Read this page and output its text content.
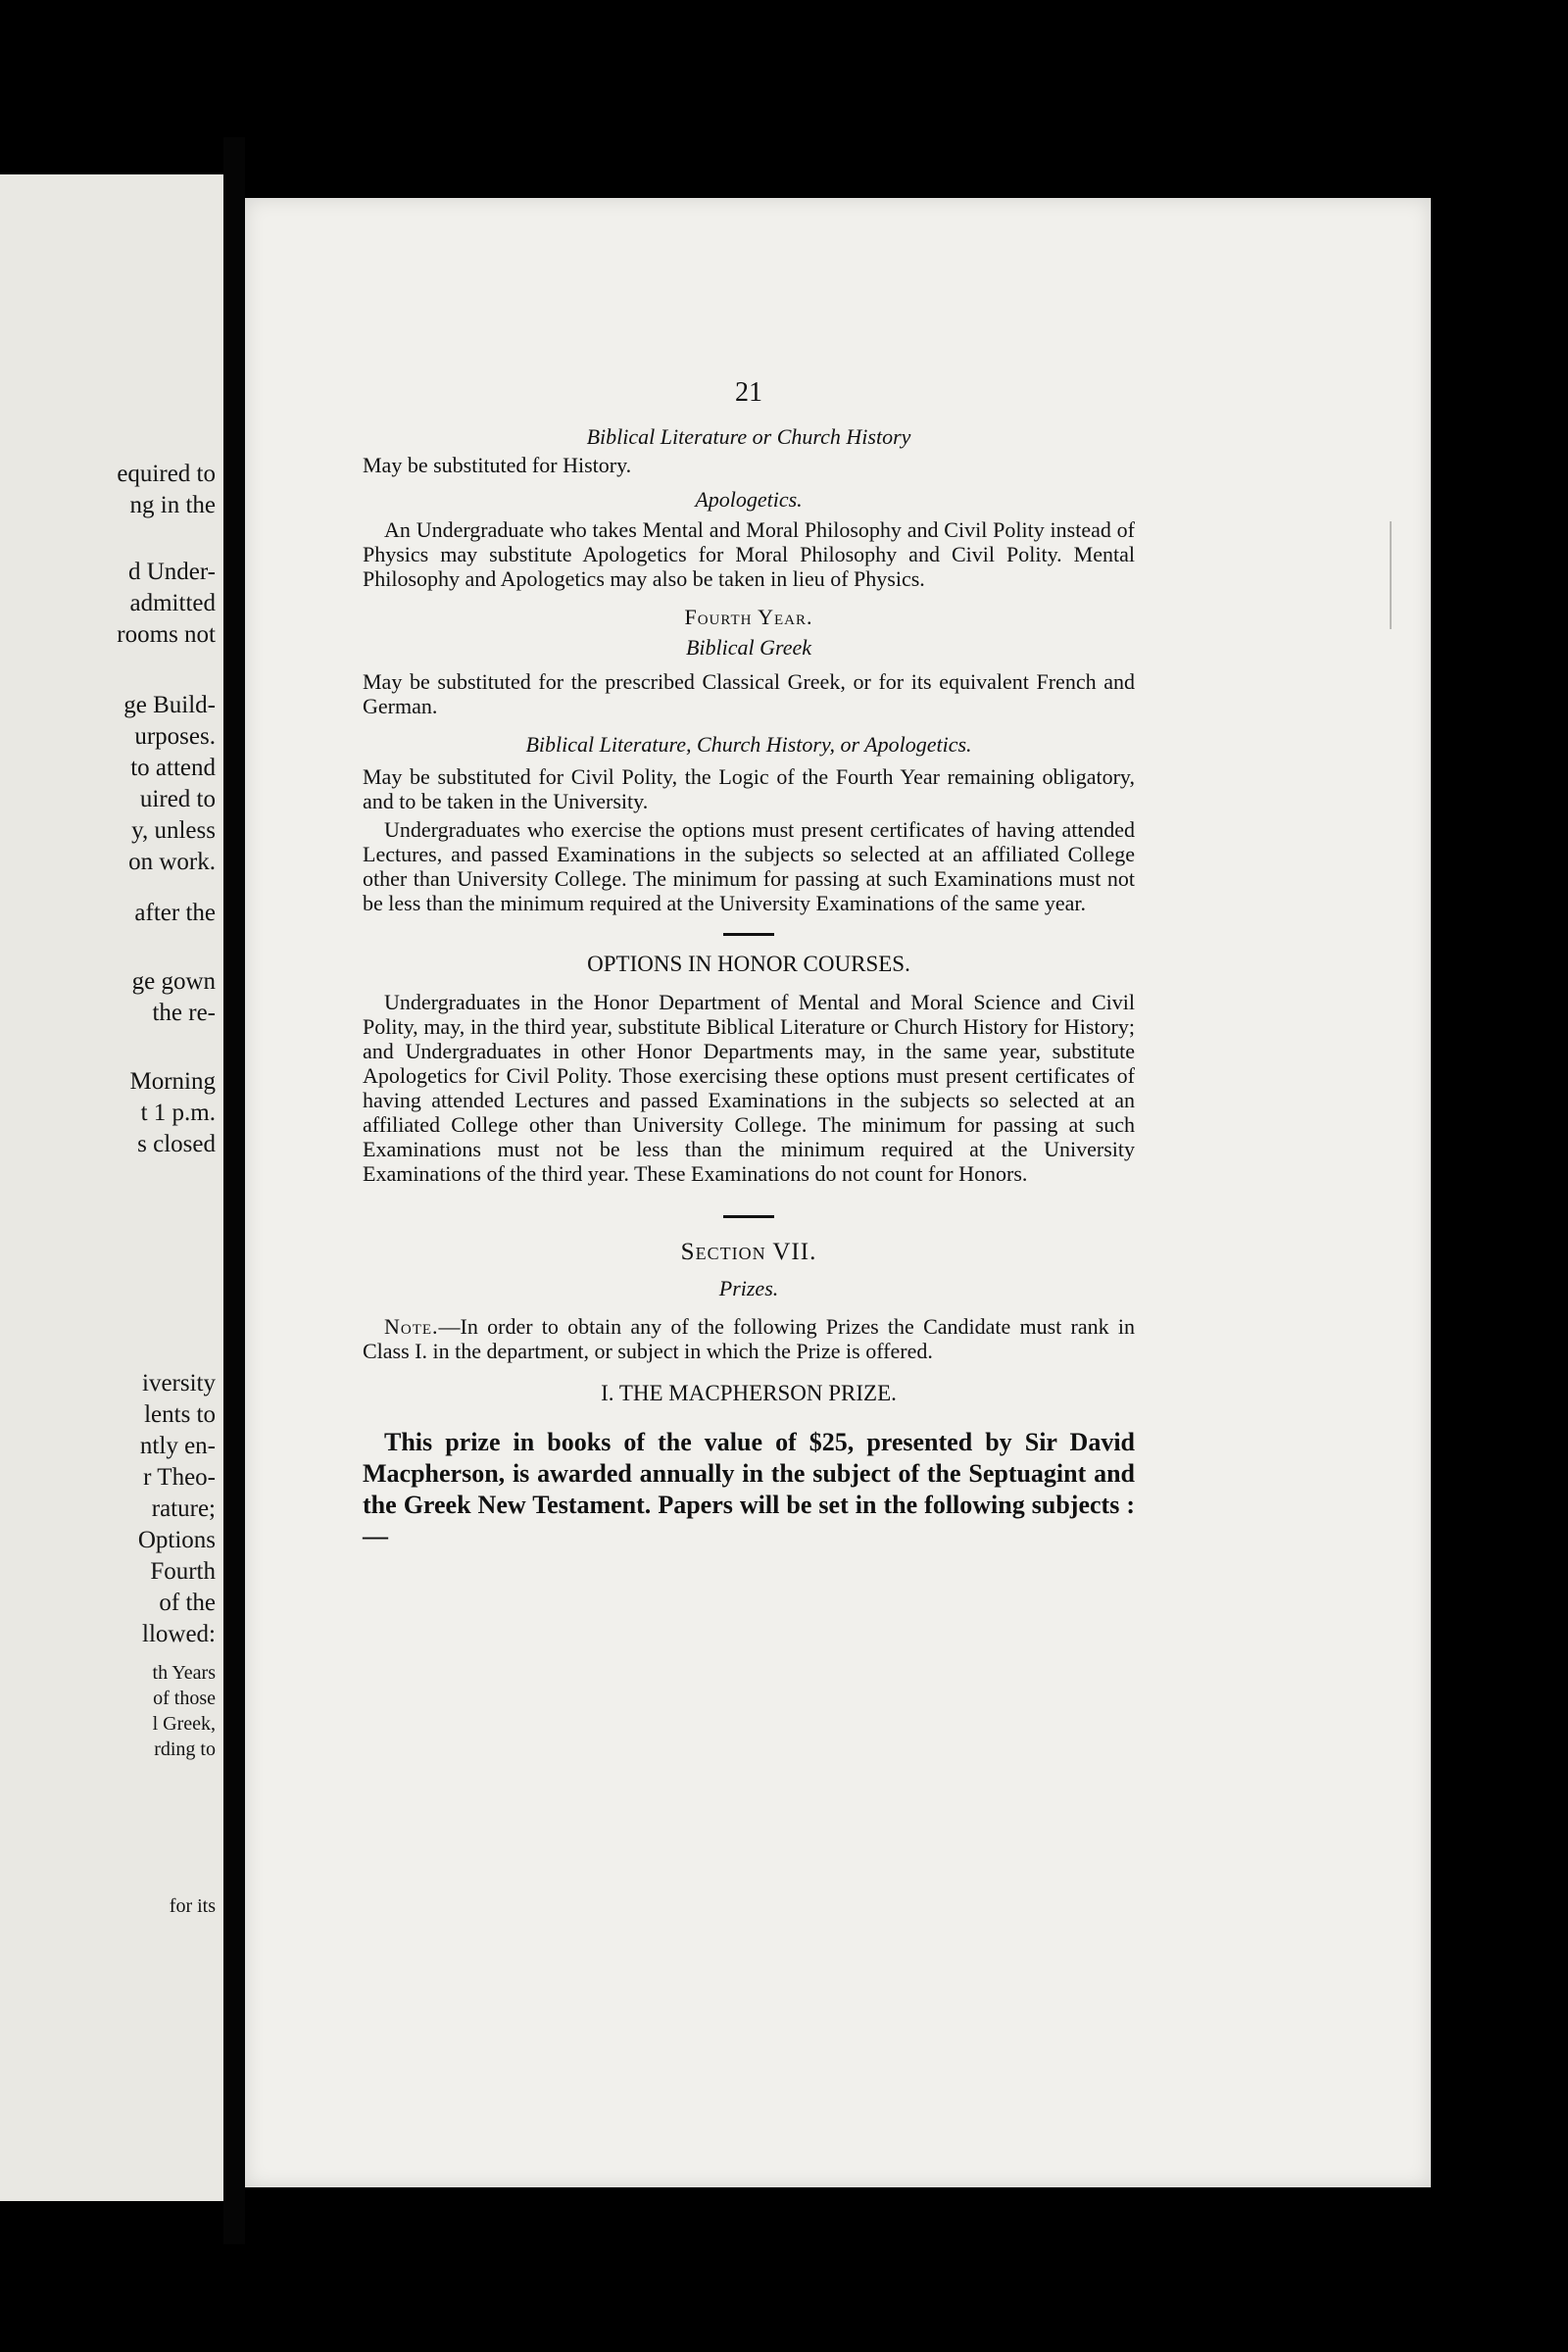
equired to
ng in the
d Under-
admitted
rooms not
ge Build-
urposes.
to attend
uired to
y, unless
on work.
after the
ge gown
the re-
Morning
t 1 p.m.
s closed
iversity
lents to
ntly en-
r Theo-
rature;
Options
Fourth
of the
llowed:
th Years
of those
l Greek,
rding to
for its

21

Biblical Literature or Church History

May be substituted for History.

Apologetics.

An Undergraduate who takes Mental and Moral Philosophy and Civil Polity instead of Physics may substitute Apologetics for Moral Philosophy and Civil Polity. Mental Philosophy and Apologetics may also be taken in lieu of Physics.

Fourth Year.

Biblical Greek

May be substituted for the prescribed Classical Greek, or for its equivalent French and German.

Biblical Literature, Church History, or Apologetics.

May be substituted for Civil Polity, the Logic of the Fourth Year remaining obligatory, and to be taken in the University.

Undergraduates who exercise the options must present certificates of having attended Lectures, and passed Examinations in the subjects so selected at an affiliated College other than University College. The minimum for passing at such Examinations must not be less than the minimum required at the University Examinations of the same year.

OPTIONS IN HONOR COURSES.

Undergraduates in the Honor Department of Mental and Moral Science and Civil Polity, may, in the third year, substitute Biblical Literature or Church History for History; and Undergraduates in other Honor Departments may, in the same year, substitute Apologetics for Civil Polity. Those exercising these options must present certificates of having attended Lectures and passed Examinations in the subjects so selected at an affiliated College other than University College. The minimum for passing at such Examinations must not be less than the minimum required at the University Examinations of the third year. These Examinations do not count for Honors.

Section VII.

Prizes.

Note.—In order to obtain any of the following Prizes the Candidate must rank in Class I. in the department, or subject in which the Prize is offered.

I. THE MACPHERSON PRIZE.

This prize in books of the value of $25, presented by Sir David Macpherson, is awarded annually in the subject of the Septuagint and the Greek New Testament. Papers will be set in the following subjects :—
